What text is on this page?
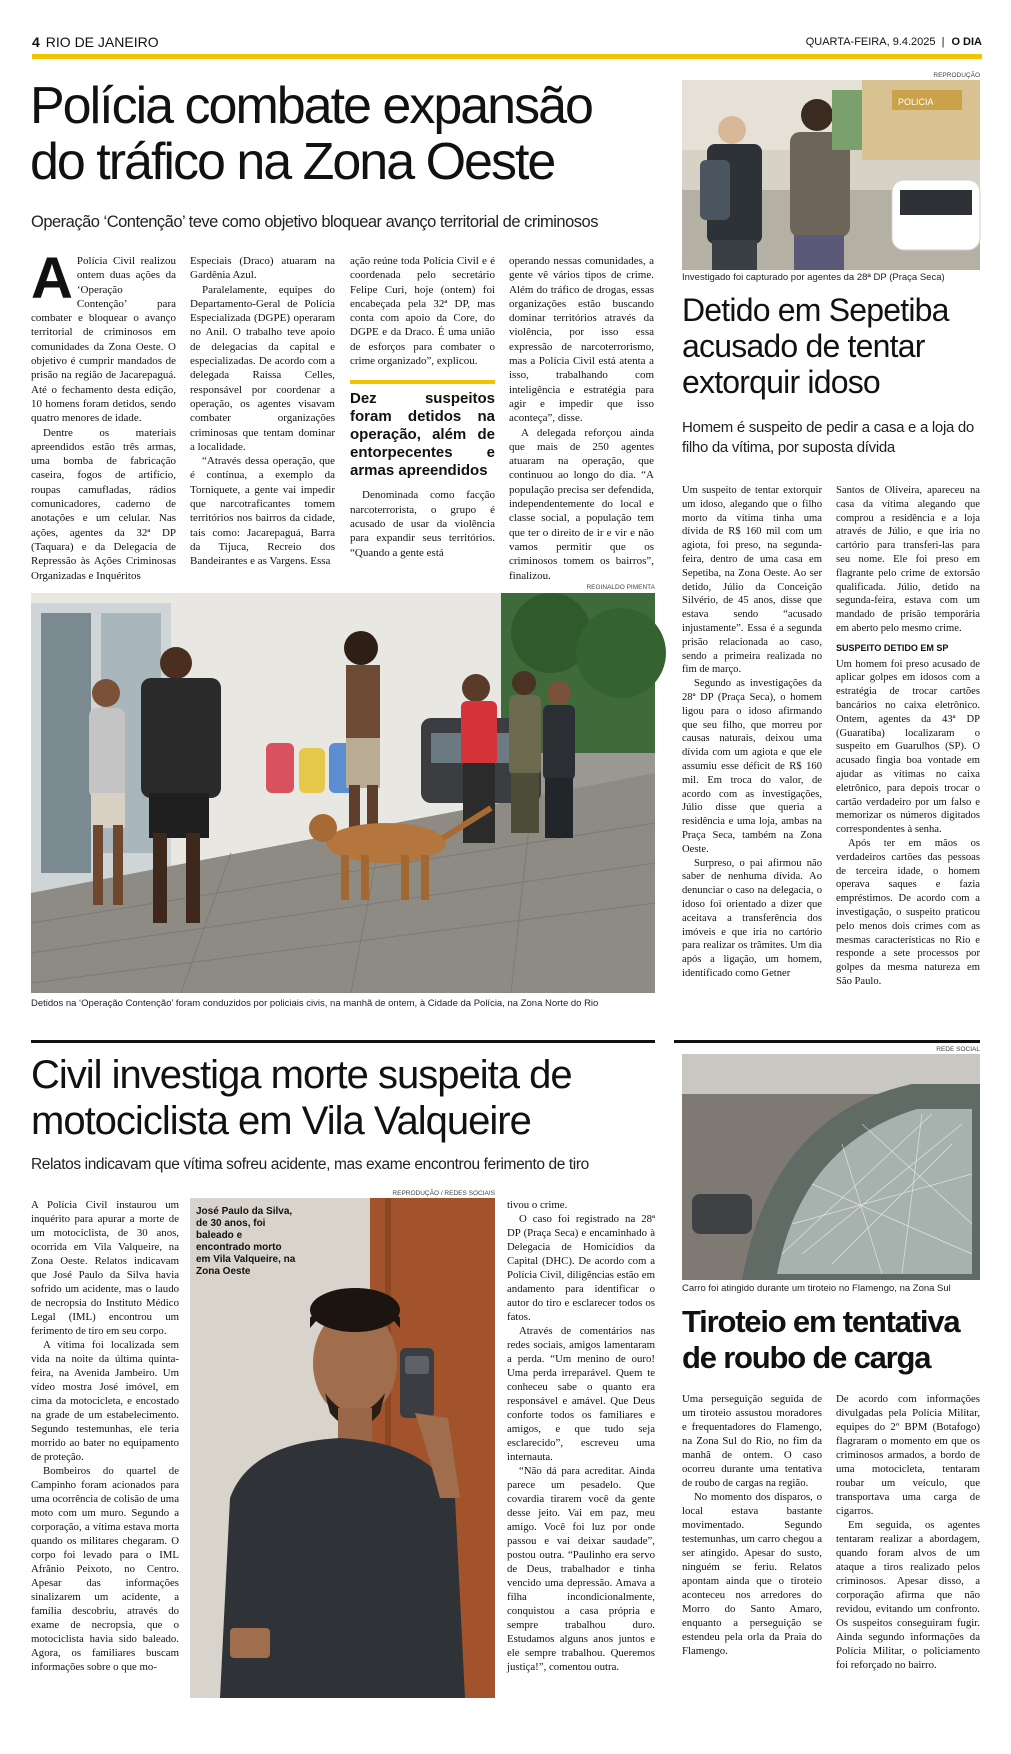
4 RIO DE JANEIRO	QUARTA-FEIRA, 9.4.2025 | O DIA
Polícia combate expansão
do tráfico na Zona Oeste
Operação ‘Contenção’ teve como objetivo bloquear avanço territorial de criminosos
A Polícia Civil realizou ontem duas ações da ‘Operação Contenção’ para combater e bloquear o avanço territorial de criminosos em comunidades da Zona Oeste. O objetivo é cumprir mandados de prisão na região de Jacarepaguá. Até o fechamento desta edição, 10 homens foram detidos, sendo quatro menores de idade.

Dentre os materiais apreendidos estão três armas, uma bomba de fabricação caseira, fogos de artifício, roupas camufladas, rádios comunicadores, caderno de anotações e um celular. Nas ações, agentes da 32ª DP (Taquara) e da Delegacia de Repressão às Ações Criminosas Organizadas e Inquéritos

Especiais (Draco) atuaram na Gardênia Azul.

Paralelamente, equipes do Departamento-Geral de Polícia Especializada (DGPE) operaram no Anil. O trabalho teve apoio de delegacias da capital e especializadas. De acordo com a delegada Raissa Celles, responsável por coordenar a operação, os agentes visavam combater organizações criminosas que tentam dominar a localidade.

“Através dessa operação, que é contínua, a exemplo da Torniquete, a gente vai impedir que narcotraficantes tomem territórios nos bairros da cidade, tais como: Jacarepaguá, Barra da Tijuca, Recreio dos Bandeirantes e as Vargens. Essa

ação reúne toda Polícia Civil e é coordenada pelo secretário Felipe Curi, hoje (ontem) foi encabeçada pela 32ª DP, mas conta com apoio da Core, do DGPE e da Draco. É uma união de esforços para combater o crime organizado”, explicou.

Dez suspeitos foram detidos na operação, além de entorpecentes e armas apreendidos

Denominada como facção narcoterrorista, o grupo é acusado de usar da violência para expandir seus territórios. “Quando a gente está

operando nessas comunidades, a gente vê vários tipos de crime. Além do tráfico de drogas, essas organizações estão buscando dominar territórios através da violência, por isso essa expressão de narcoterrorismo, mas a Polícia Civil está atenta a isso, trabalhando com inteligência e estratégia para agir e impedir que isso aconteça”, disse.

A delegada reforçou ainda que mais de 250 agentes atuaram na operação, que continuou ao longo do dia. “A população precisa ser defendida, independentemente do local e classe social, a população tem que ter o direito de ir e vir e não vamos permitir que os criminosos tomem os bairros”, finalizou.

REGINALDO PIMENTA
Detidos na ‘Operação Contenção’ foram conduzidos por policiais civis, na manhã de ontem, à Cidade da Polícia, na Zona Norte do Rio
REPRODUÇÃO
POLICIA
Investigado foi capturado por agentes da 28ª DP (Praça Seca)
Detido em Sepetiba
acusado de tentar
extorquir idoso
Homem é suspeito de pedir a casa e a loja do filho da vítima, por suposta dívida

Um suspeito de tentar extorquir um idoso, alegando que o filho morto da vítima tinha uma dívida de R$ 160 mil com um agiota, foi preso, na segunda-feira, dentro de uma casa em Sepetiba, na Zona Oeste. Ao ser detido, Júlio da Conceição Silvério, de 45 anos, disse que estava sendo “acusado injustamente”. Essa é a segunda prisão relacionada ao caso, sendo a primeira realizada no fim de março.

Segundo as investigações da 28ª DP (Praça Seca), o homem ligou para o idoso afirmando que seu filho, que morreu por causas naturais, deixou uma dívida com um agiota e que ele assumiu esse déficit de R$ 160 mil. Em troca do valor, de acordo com as investigações, Júlio disse que queria a residência e uma loja, ambas na Praça Seca, também na Zona Oeste.

Surpreso, o pai afirmou não saber de nenhuma dívida. Ao denunciar o caso na delegacia, o idoso foi orientado a dizer que aceitava a transferência dos imóveis e que iria no cartório para realizar os trâmites. Um dia após a ligação, um homem, identificado como Getner

Santos de Oliveira, apareceu na casa da vítima alegando que comprou a residência e a loja através de Júlio, e que iria no cartório para transferi-las para seu nome. Ele foi preso em flagrante pelo crime de extorsão qualificada. Júlio, detido na segunda-feira, estava com um mandado de prisão temporária em aberto pelo mesmo crime.

SUSPEITO DETIDO EM SP

Um homem foi preso acusado de aplicar golpes em idosos com a estratégia de trocar cartões bancários no caixa eletrônico. Ontem, agentes da 43ª DP (Guaratiba) localizaram o suspeito em Guarulhos (SP). O acusado fingia boa vontade em ajudar as vítimas no caixa eletrônico, para depois trocar o cartão verdadeiro por um falso e memorizar os números digitados correspondentes à senha.

Após ter em mãos os verdadeiros cartões das pessoas de terceira idade, o homem operava saques e fazia empréstimos. De acordo com a investigação, o suspeito praticou pelo menos dois crimes com as mesmas características no Rio e responde a sete processos por golpes da mesma natureza em São Paulo.

Civil investiga morte suspeita de
motociclista em Vila Valqueire
Relatos indicavam que vítima sofreu acidente, mas exame encontrou ferimento de tiro

A Polícia Civil instaurou um inquérito para apurar a morte de um motociclista, de 30 anos, ocorrida em Vila Valqueire, na Zona Oeste. Relatos indicavam que José Paulo da Silva havia sofrido um acidente, mas o laudo de necropsia do Instituto Médico Legal (IML) encontrou um ferimento de tiro em seu corpo.

A vítima foi localizada sem vida na noite da última quinta-feira, na Avenida Jambeiro. Um vídeo mostra José imóvel, em cima da motocicleta, e encostado na grade de um estabelecimento. Segundo testemunhas, ele teria morrido ao bater no equipamento de proteção.

Bombeiros do quartel de Campinho foram acionados para uma ocorrência de colisão de uma moto com um muro. Segundo a corporação, a vítima estava morta quando os militares chegaram. O corpo foi levado para o IML Afrânio Peixoto, no Centro. Apesar das informações sinalizarem um acidente, a família descobriu, através do exame de necropsia, que o motociclista havia sido baleado. Agora, os familiares buscam informações sobre o que mo-

REPRODUÇÃO / REDES SOCIAIS
José Paulo da Silva, de 30 anos, foi baleado e encontrado morto em Vila Valqueire, na Zona Oeste

tivou o crime.

O caso foi registrado na 28ª DP (Praça Seca) e encaminhado à Delegacia de Homicídios da Capital (DHC). De acordo com a Polícia Civil, diligências estão em andamento para identificar o autor do tiro e esclarecer todos os fatos.

Através de comentários nas redes sociais, amigos lamentaram a perda. “Um menino de ouro! Uma perda irreparável. Quem te conheceu sabe o quanto era responsável e amável. Que Deus conforte todos os familiares e amigos, e que tudo seja esclarecido”, escreveu uma internauta.

“Não dá para acreditar. Ainda parece um pesadelo. Que covardia tirarem você da gente desse jeito. Vai em paz, meu amigo. Você foi luz por onde passou e vai deixar saudade”, postou outra. “Paulinho era servo de Deus, trabalhador e tinha vencido uma depressão. Amava a filha incondicionalmente, conquistou a casa própria e sempre trabalhou duro. Estudamos alguns anos juntos e ele sempre trabalhou. Queremos justiça!”, comentou outra.

REDE SOCIAL
Carro foi atingido durante um tiroteio no Flamengo, na Zona Sul
Tiroteio em tentativa
de roubo de carga

Uma perseguição seguida de um tiroteio assustou moradores e frequentadores do Flamengo, na Zona Sul do Rio, no fim da manhã de ontem. O caso ocorreu durante uma tentativa de roubo de cargas na região.

No momento dos disparos, o local estava bastante movimentado. Segundo testemunhas, um carro chegou a ser atingido. Apesar do susto, ninguém se feriu. Relatos apontam ainda que o tiroteio aconteceu nos arredores do Morro do Santo Amaro, enquanto a perseguição se estendeu pela orla da Praia do Flamengo.

De acordo com informações divulgadas pela Polícia Militar, equipes do 2º BPM (Botafogo) flagraram o momento em que os criminosos armados, a bordo de uma motocicleta, tentaram roubar um veículo, que transportava uma carga de cigarros.

Em seguida, os agentes tentaram realizar a abordagem, quando foram alvos de um ataque a tiros realizado pelos criminosos. Apesar disso, a corporação afirma que não revidou, evitando um confronto. Os suspeitos conseguiram fugir. Ainda segundo informações da Polícia Militar, o policiamento foi reforçado no bairro.
